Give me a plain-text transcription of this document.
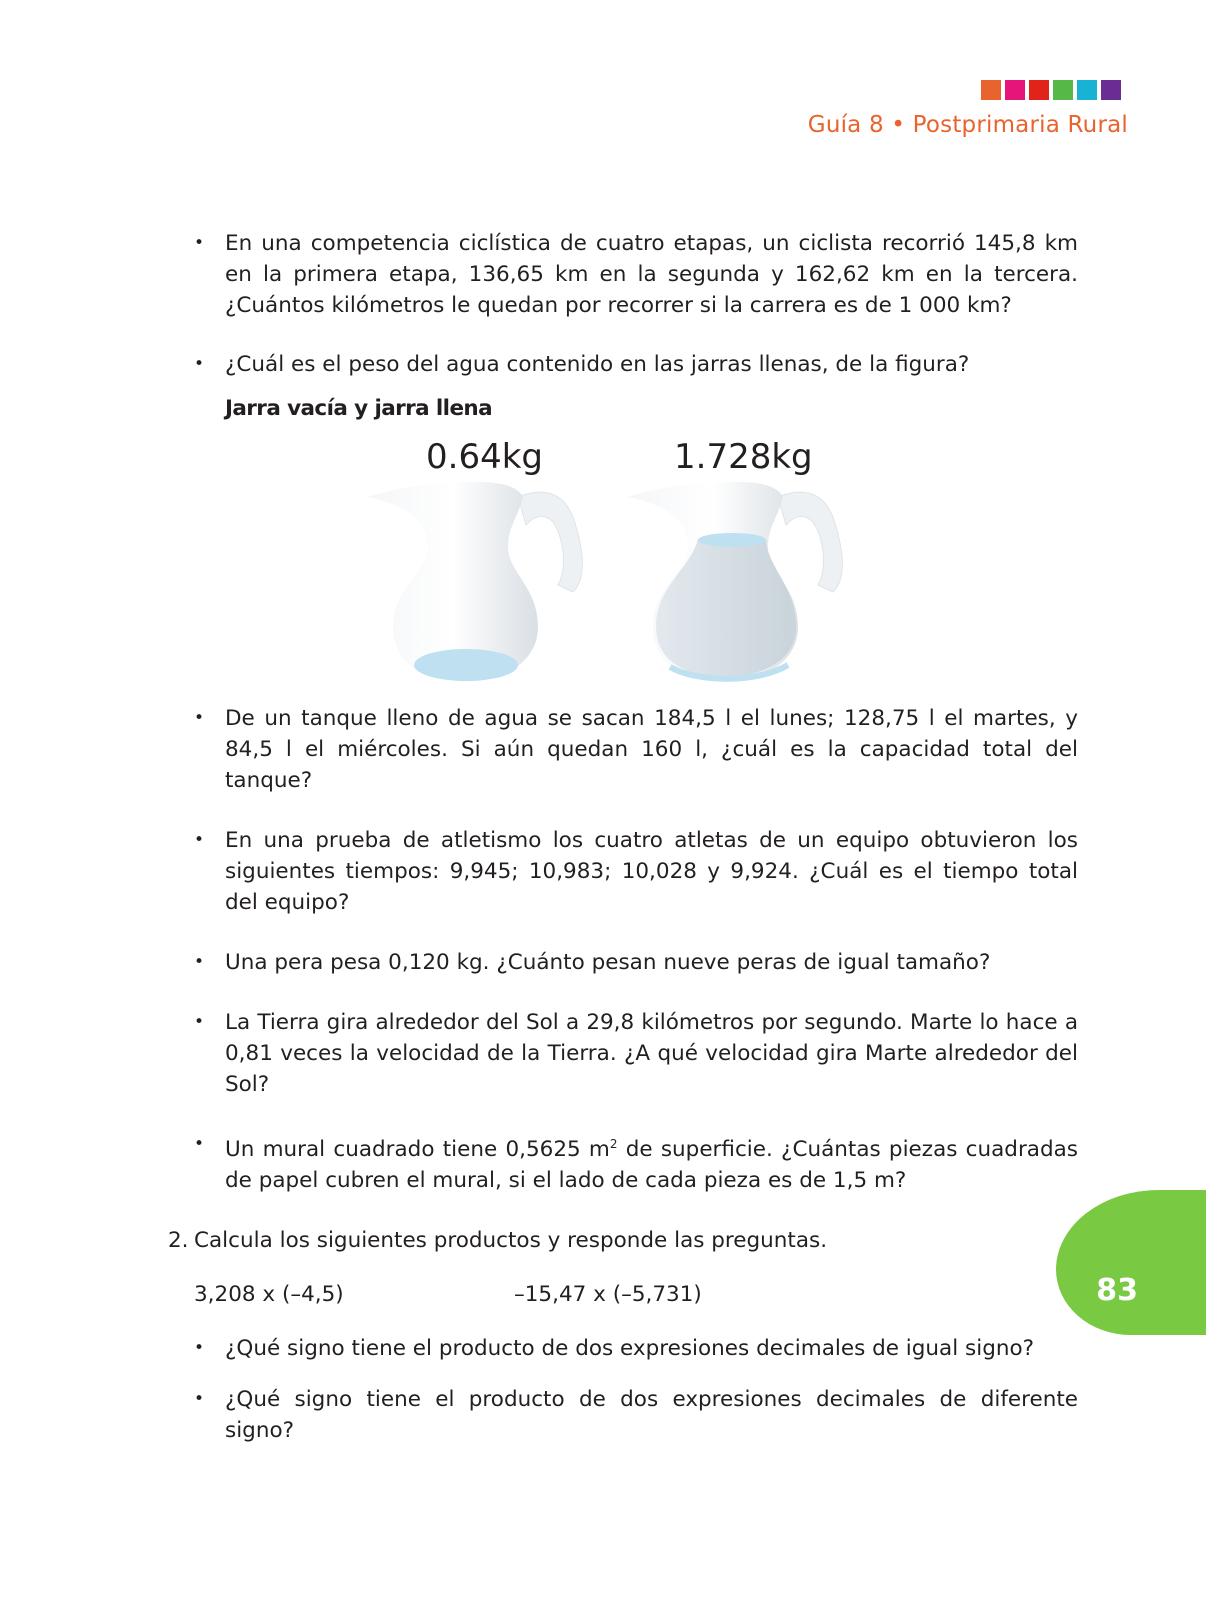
Guía 8 • Postprimaria Rural

• En una competencia ciclística de cuatro etapas, un ciclista recorrió 145,8 km en la primera etapa, 136,65 km en la segunda y 162,62 km en la tercera. ¿Cuántos kilómetros le quedan por recorrer si la carrera es de 1 000 km?

• ¿Cuál es el peso del agua contenido en las jarras llenas, de la figura?

Jarra vacía y jarra llena
0.64kg	1.728kg

• De un tanque lleno de agua se sacan 184,5 l el lunes; 128,75 l el martes, y 84,5 l el miércoles. Si aún quedan 160 l, ¿cuál es la capacidad total del tanque?

• En una prueba de atletismo los cuatro atletas de un equipo obtuvieron los siguientes tiempos: 9,945; 10,983; 10,028 y 9,924. ¿Cuál es el tiempo total del equipo?

• Una pera pesa 0,120 kg. ¿Cuánto pesan nueve peras de igual tamaño?

• La Tierra gira alrededor del Sol a 29,8 kilómetros por segundo. Marte lo hace a 0,81 veces la velocidad de la Tierra. ¿A qué velocidad gira Marte alrededor del Sol?

• Un mural cuadrado tiene 0,5625 $m^2$ de superficie. ¿Cuántas piezas cuadradas de papel cubren el mural, si el lado de cada pieza es de 1,5 m?

2. Calcula los siguientes productos y responde las preguntas.

3,208 x (–4,5)	–15,47 x (–5,731)

• ¿Qué signo tiene el producto de dos expresiones decimales de igual signo?

• ¿Qué signo tiene el producto de dos expresiones decimales de diferente signo?

83
